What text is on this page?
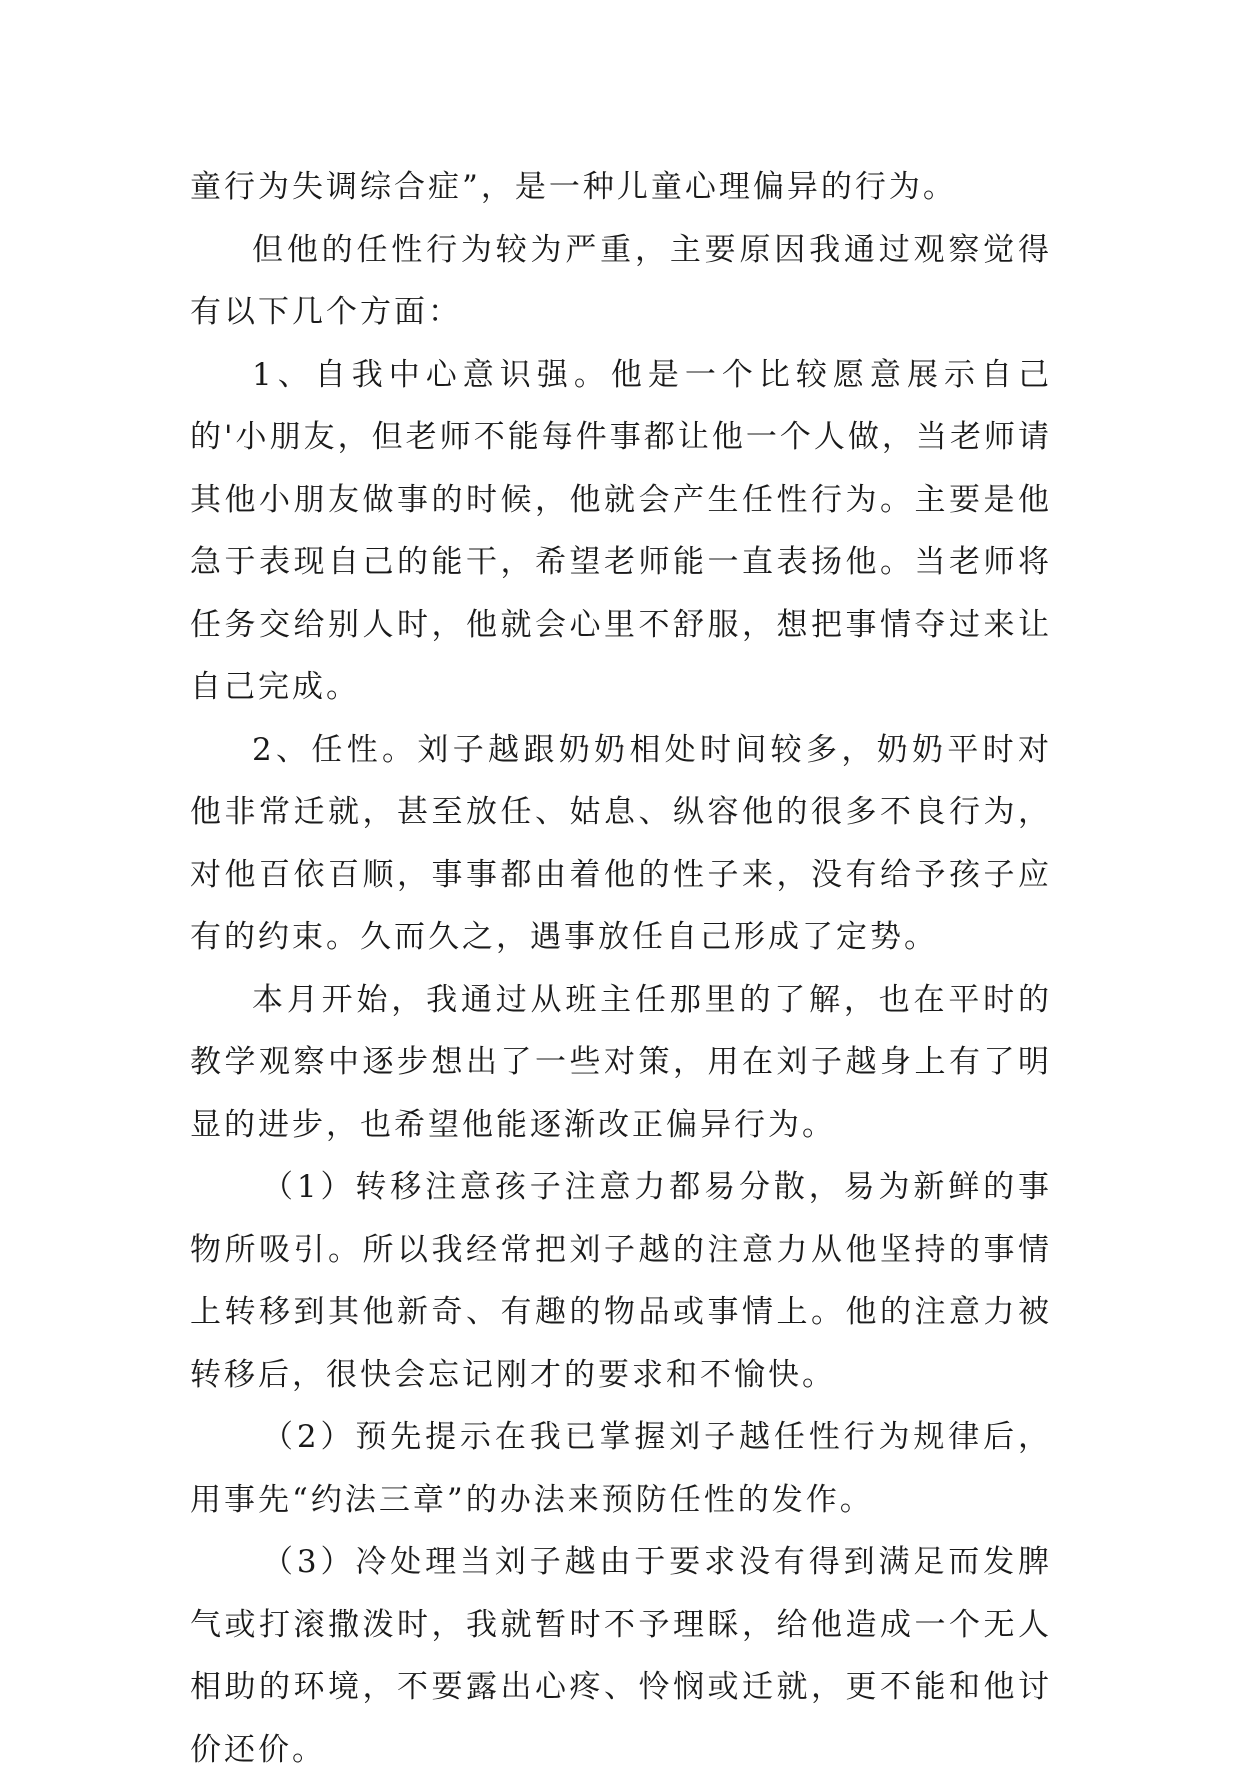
童行为失调综合症”，是一种儿童心理偏异的行为。

但他的任性行为较为严重，主要原因我通过观察觉得有以下几个方面：

1、自我中心意识强。他是一个比较愿意展示自己的'小朋友，但老师不能每件事都让他一个人做，当老师请其他小朋友做事的时候，他就会产生任性行为。主要是他急于表现自己的能干，希望老师能一直表扬他。当老师将任务交给别人时，他就会心里不舒服，想把事情夺过来让自己完成。

2、任性。刘子越跟奶奶相处时间较多，奶奶平时对他非常迁就，甚至放任、姑息、纵容他的很多不良行为，对他百依百顺，事事都由着他的性子来，没有给予孩子应有的约束。久而久之，遇事放任自己形成了定势。

本月开始，我通过从班主任那里的了解，也在平时的教学观察中逐步想出了一些对策，用在刘子越身上有了明显的进步，也希望他能逐渐改正偏异行为。

（1）转移注意孩子注意力都易分散，易为新鲜的事物所吸引。所以我经常把刘子越的注意力从他坚持的事情上转移到其他新奇、有趣的物品或事情上。他的注意力被转移后，很快会忘记刚才的要求和不愉快。

（2）预先提示在我已掌握刘子越任性行为规律后，用事先“约法三章”的办法来预防任性的发作。

（3）冷处理当刘子越由于要求没有得到满足而发脾气或打滚撒泼时，我就暂时不予理睬，给他造成一个无人相助的环境，不要露出心疼、怜悯或迁就，更不能和他讨价还价。
